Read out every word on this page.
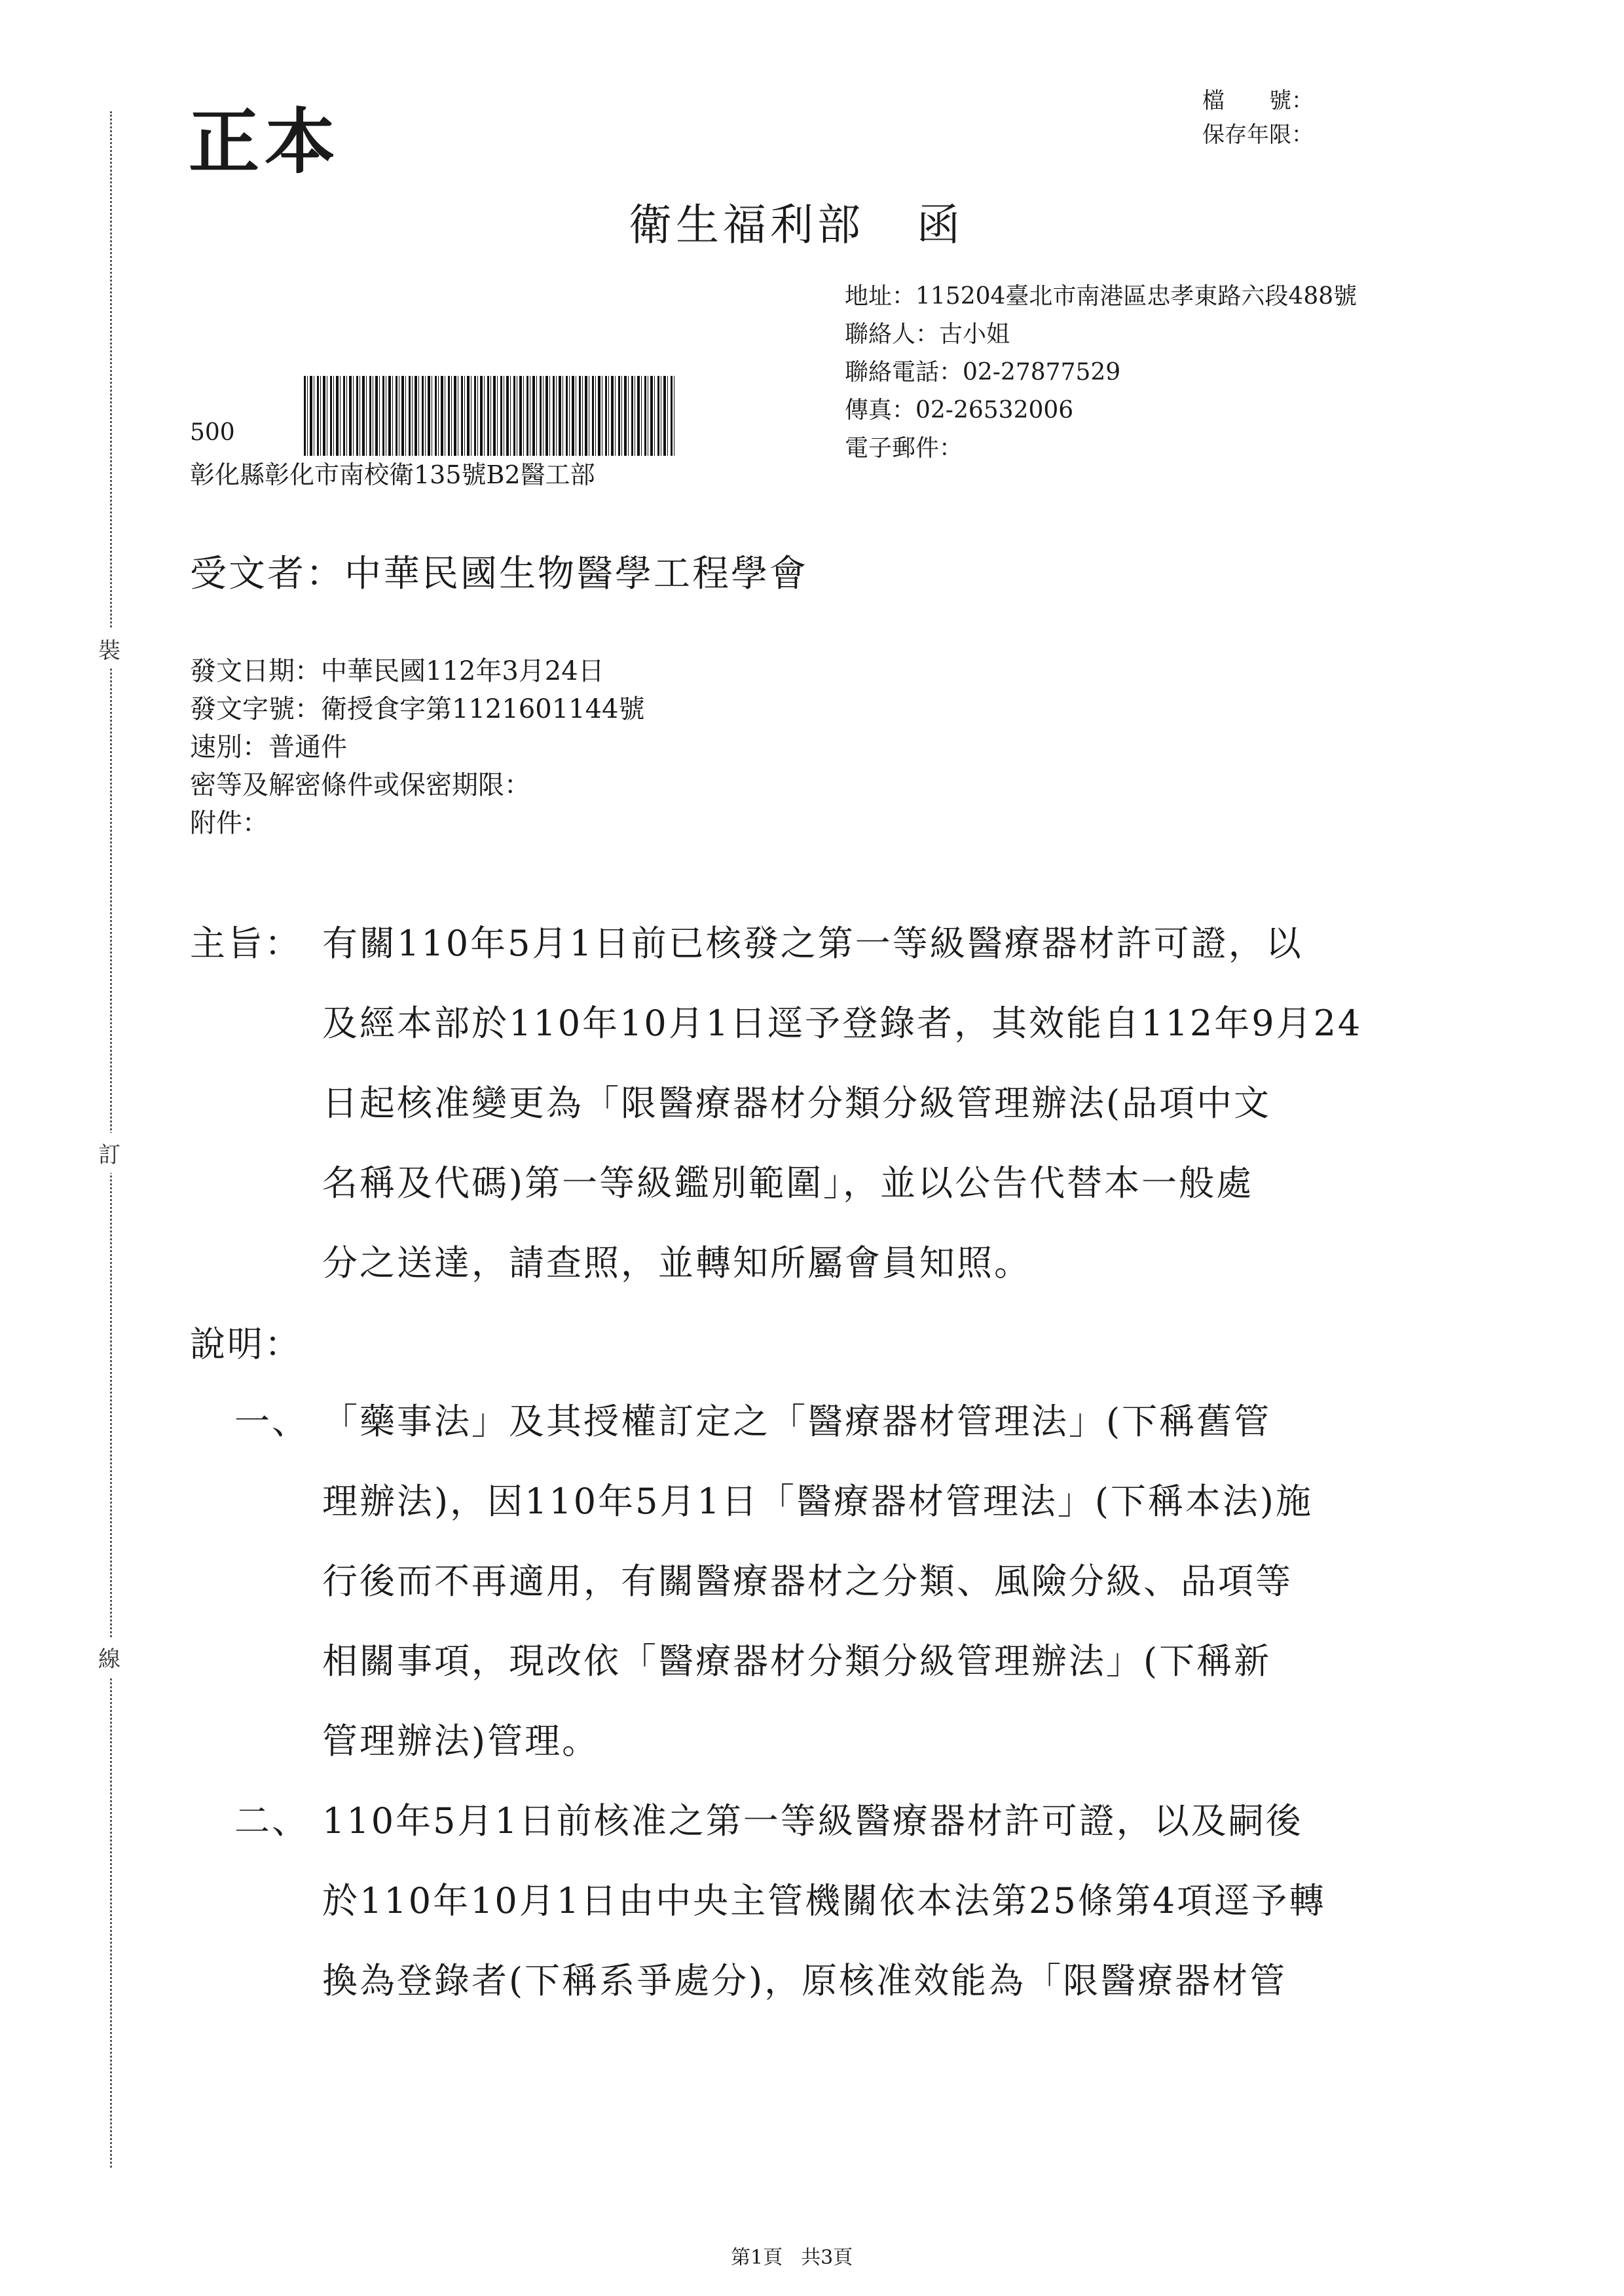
裝
訂
線
正本	檔　　號：
保存年限：
衛生福利部 函
地址：115204臺北市南港區忠孝東路六段488號
聯絡人：古小姐
聯絡電話：02-27877529
傳真：02-26532006
電子郵件：
500
彰化縣彰化市南校衛135號B2醫工部
受文者：中華民國生物醫學工程學會
發文日期：中華民國112年3月24日
發文字號：衛授食字第1121601144號
速別：普通件
密等及解密條件或保密期限：
附件：
主旨： 有關110年5月1日前已核發之第一等級醫療器材許可證，以
及經本部於110年10月1日逕予登錄者，其效能自112年9月24
日起核准變更為「限醫療器材分類分級管理辦法(品項中文
名稱及代碼)第一等級鑑別範圍」，並以公告代替本一般處
分之送達，請查照，並轉知所屬會員知照。
說明：
一、 「藥事法」及其授權訂定之「醫療器材管理法」(下稱舊管
理辦法)，因110年5月1日「醫療器材管理法」(下稱本法)施
行後而不再適用，有關醫療器材之分類、風險分級、品項等
相關事項，現改依「醫療器材分類分級管理辦法」(下稱新
管理辦法)管理。
二、 110年5月1日前核准之第一等級醫療器材許可證，以及嗣後
於110年10月1日由中央主管機關依本法第25條第4項逕予轉
換為登錄者(下稱系爭處分)，原核准效能為「限醫療器材管
第1頁 共3頁
